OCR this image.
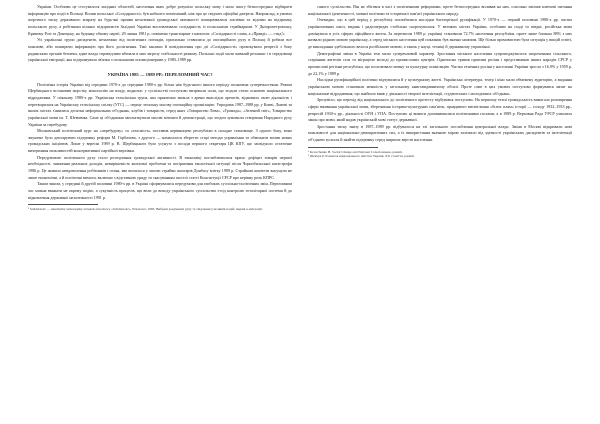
України. Особливо це стосувалося західних областей, населення яких добре розуміло польську мову і мало змогу безпосередньо відбирати інформацію про події в Польщі. Вплив польської «Солідарності» був набагато помітніший, ніж про це свідчать офіційні джерела. Наприклад, в умовах жорсткого тиску державного апарату на будь-які прояви незалежної громадської активності поширювалися листівки та відозви на підтримку польського руху, а робітники кількох підприємств Західної України висловлювали солідарність із польськими страйкарями. У Дніпропетровську, Кривому Розі та Донецьку, на будинку обкому партії, 29 липня 1981 р. повішено транспарант з написом: «Солідарності слава, а «Правді» — стид!»

Усі українські групи дисидентів, незалежно від політичних поглядів, прихильно ставилися до опозиційного руху в Польщі й робили все можливе, аби поширити інформацію про його досягнення. Такі заклики й повідомлення про дії «Солідарності» провокували репресії з боку радянських органів безпеки, адже влада справедливо вбачала в них загрозу стабільності режиму. Польські події мали значний резонанс і в середовищі української еміграції, яка підтримувала зв'язки з польськими опозиціонерами у 1980–1989 рр.

УКРАЇНА 1985 — 1989 РР.: ПЕРЕЛОМНИЙ ЧАС?

Політична історія України від середини 1970-х до середини 1980-х рр. більш ніж будь-якого іншого періоду позначена суперечностями. Режим Щербицького встановив жорстку монополію на владу, водночас у суспільстві поступово визрівали сили, що згодом стали основою національного відродження. У пізньому 1980-х рр. Українська гельсінська група, яка практично зникла з арени внаслідок арештів, відновила свою діяльність і перетворилася на Українську гельсінську спілку (УГС) — першу легальну масову опозиційну організацію. Упродовж 1987–1988 рр. у Києві, Львові та інших містах з'явилися десятки неформальних об'єднань, клубів і товариств, серед яких «Товариство Лева», «Громада», «Зелений світ», Товариство української мови ім. Т. Шевченка. Саме ці об'єднання започаткували масові мітинги й демонстрації, що згодом зумовили створення Народного руху України за перебудову.

Московський політичний курс на «перебудову» та «гласність» поставив керівництво республіки в складне становище. З одного боку, воно змушене було декларувати підтримку реформ М. Горбачова, з другого — намагалося зберегти старі методи управління та обмежити вплив нових громадських ініціатив. Лише у вересні 1989 р. В. Щербицького було усунуто з посади першого секретаря ЦК КПУ, що засвідчило остаточне вичерпання можливостей консервативної партійної верхівки.

Передумовою політичного руху стало розгортання громадської активності. В економіці поглиблювалася криза: дефіцит товарів першої необхідності, зниження реальних доходів, невирішеність житлової проблеми та погіршення екологічної ситуації після Чорнобильської катастрофи 1986 р. Це живило невдоволення робітників і селян, яке вилилося у масові страйки шахтарів Донбасу влітку 1989 р. Страйкові комітети висунули не лише економічні, а й політичні вимоги, включно з відставкою уряду та скасуванням шостої статті Конституції СРСР про керівну роль КПРС.

Таким чином, у середині й другій половині 1980-х рр. в Україні сформувалися передумови для глибоких суспільно-політичних змін. Переломним час можна вважати не окрему подію, а сукупність процесів, що вели до виходу українського суспільства з-під контролю тоталітарної системи й до відновлення державної незалежності 1991 р.

¹ Solidarność — niezależny samorządny związek zawodowy «Solidarność». Warszawa, 1983. Вибрані документи руху та свідчення учасників подій, видані в еміграції.

самого суспільства. Він не збігався в часі з політичними реформами, проте безпосередньо впливав на них, оскільки зачіпав ключові питання національної ідентичності, мовної політики та історичної пам'яті українського народу.

Очевидно, що в цей період у республіці поглибилися наслідки багаторічної русифікації. У 1970-х — першій половині 1980-х рр. частка україномовних шкіл, видань і радіопередач стабільно скорочувалася. У великих містах України, особливо на сході та півдні, російська мова домінувала в усіх сферах офіційного життя. За переписом 1989 р. українці становили 72,7% населення республіки, проте лише близько 88% з них назвали рідною мовою українську, а серед міського населення цей показник був значно нижчим. Ще більш промовистою була ситуація у вищій освіті, де викладання здебільшого велося російською мовою, а також у науці, техніці й державному управлінні.

Демографічні зміни в Україні теж мали суперечливий характер. Зростання міського населення супроводжувалося скороченням сільського, старінням жителів села та міграцією молоді до промислових центрів. Одночасно тривав приплив росіян і представників інших народів СРСР у промислові регіони республіки, що посилювало мовну та культурну асиміляцію. Частка етнічних росіян у населенні України зросла з 16,9% у 1959 р. до 22,1% у 1989 р.

Наслідки русифікаційної політики відчувалися й у культурному житті. Українська література, театр і кіно мали обмежену аудиторію, а видання українською мовою становили меншість у загальному книговидавничому обсязі. Проте саме в цих умовах поступово формувався запит на національне відродження, що знайшло вияв у діяльності творчої інтелігенції, студентських і молодіжних об'єднань.

Зрозуміло, що перехід від національного до політичного протесту відбувався поступово. На першому етапі громадськість вимагала розширення сфери вживання української мови, збереження історико-культурних пам'яток, правдивого висвітлення «білих плям» історії — голоду 1932–1933 рр., репресій 1930-х рр., діяльності ОУН і УПА. Поступово ці вимоги доповнювалися політичними гаслами, а в 1989 р. Верховна Рада УРСР ухвалила закон про мови, який надав українській мові статус державної.

Зростання тиску знизу в 1987–1989 рр. відбувалося на тлі загального послаблення центральної влади. Зміни в Москві відкривали нові можливості для національно-демократичних сил, а їх використання значною мірою залежало від здатності українських дисидентів та інтелігенції об'єднати зусилля й знайти підтримку серед ширших верств населення.

¹ Krawchenko B. Social Change and National Consciousness, passim.

² Шевчук Р. Розвиток національного життя в Україні. XX століття, passim.
